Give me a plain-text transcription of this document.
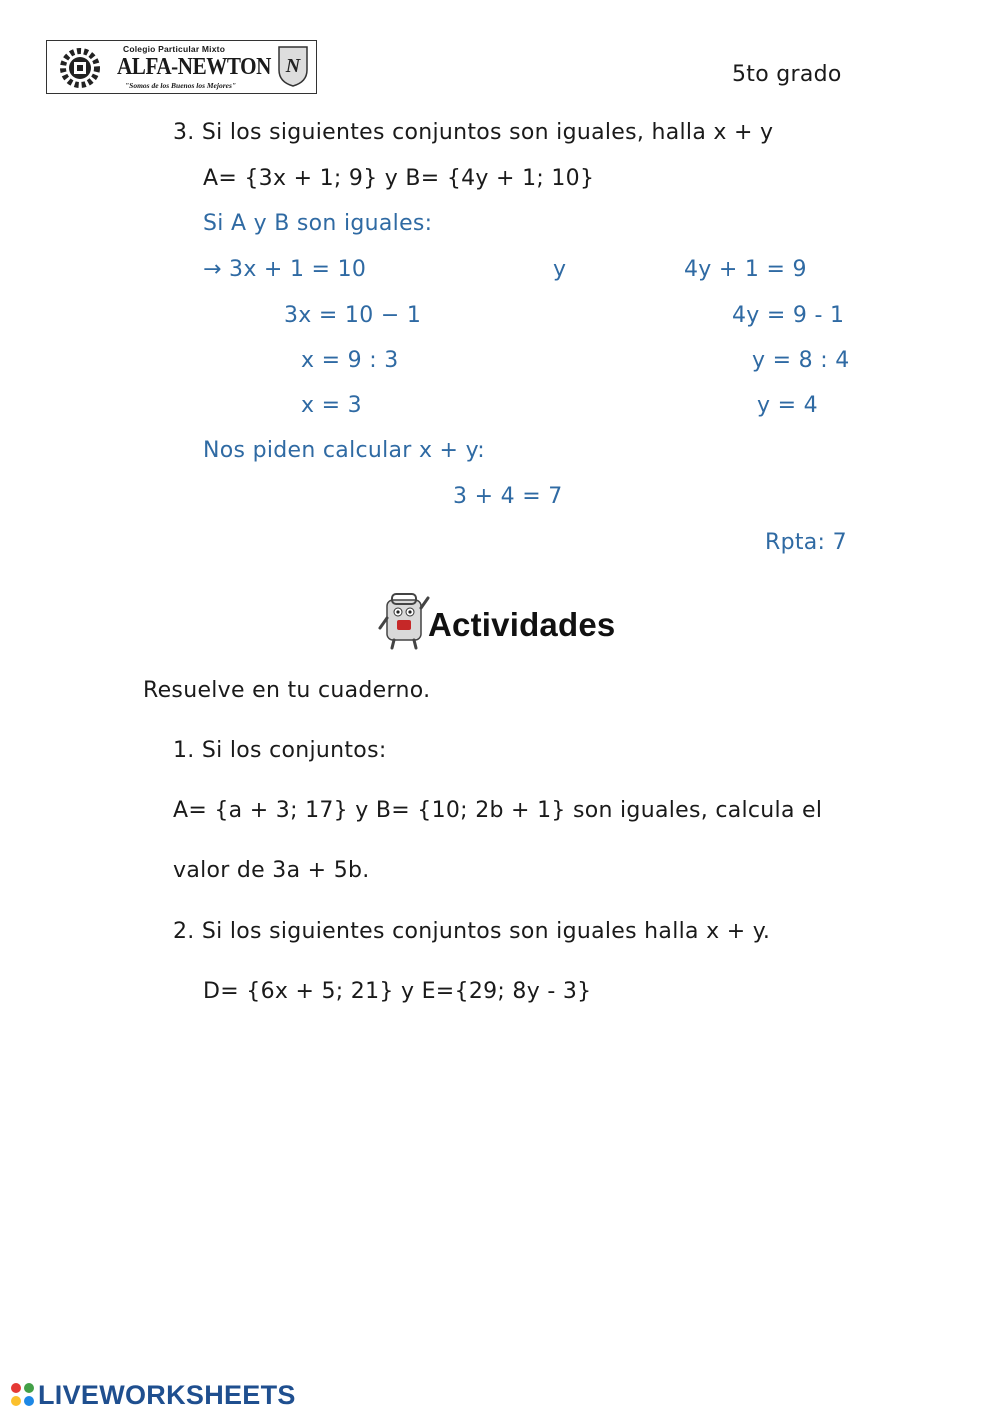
Colegio Particular Mixto
ALFA-NEWTON
"Somos de los Buenos los Mejores"
N	5to grado
3. Si los siguientes conjuntos son iguales, halla x + y
A= {3x + 1; 9} y B= {4y + 1; 10}
Si A y B son iguales:
→ 3x + 1 = 10	y	4y + 1 = 9
3x = 10 − 1	4y = 9 - 1
x = 9 : 3	y = 8 : 4
x = 3	y = 4
Nos piden calcular x + y:
3 + 4 = 7
Rpta: 7
Actividades
Resuelve en tu cuaderno.
1. Si los conjuntos:
A= {a + 3; 17} y B= {10; 2b + 1} son iguales, calcula el
valor de 3a + 5b.
2. Si los siguientes conjuntos son iguales halla x + y.
D= {6x + 5; 21} y E={29; 8y - 3}
LIVEWORKSHEETS
